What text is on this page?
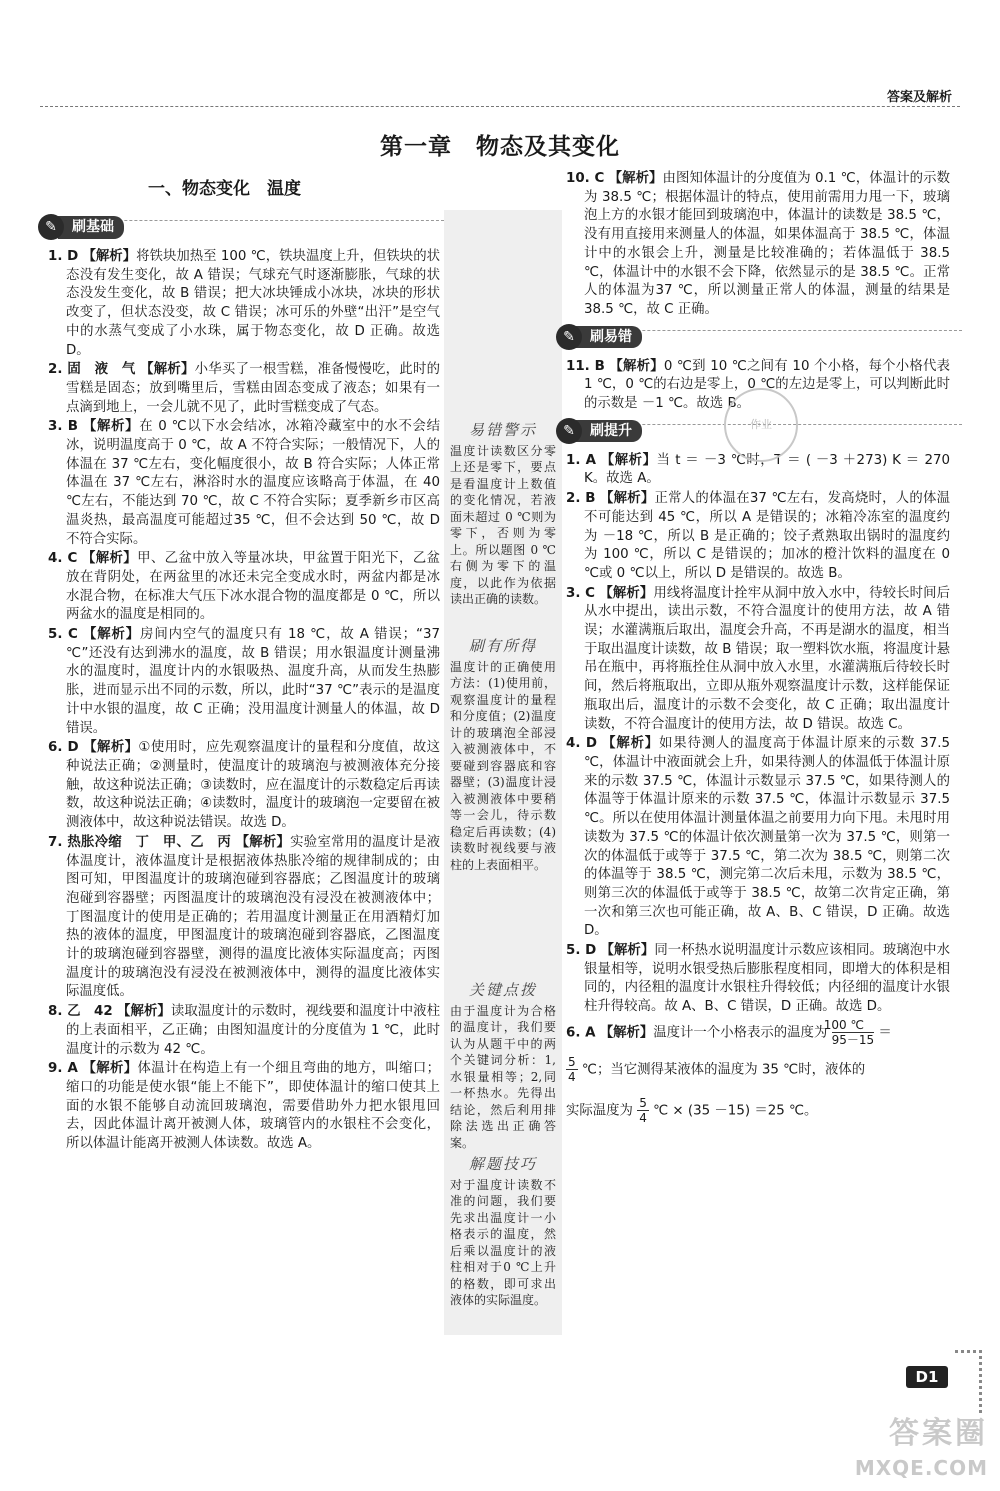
答案及解析
第一章　物态及其变化
一、物态变化　温度
刷基础
✎
1. D 【解析】将铁块加热至 100 ℃，铁块温度上升，但铁块的状态没有发生变化，故 A 错误；气球充气时逐渐膨胀，气球的状态没发生变化，故 B 错误；把大冰块锤成小冰块，冰块的形状改变了，但状态没变，故 C 错误；冰可乐的外壁“出汗”是空气中的水蒸气变成了小水珠，属于物态变化，故 D 正确。故选 D。
2. 固　液　气 【解析】小华买了一根雪糕，准备慢慢吃，此时的雪糕是固态；放到嘴里后，雪糕由固态变成了液态；如果有一点滴到地上，一会儿就不见了，此时雪糕变成了气态。
3. B 【解析】在 0 ℃以下水会结冰，冰箱冷藏室中的水不会结冰，说明温度高于 0 ℃，故 A 不符合实际；一般情况下，人的体温在 37 ℃左右，变化幅度很小，故 B 符合实际；人体正常体温在 37 ℃左右，淋浴时水的温度应该略高于体温，在 40 ℃左右，不能达到 70 ℃，故 C 不符合实际；夏季新乡市区高温炎热，最高温度可能超过35 ℃，但不会达到 50 ℃，故 D 不符合实际。
4. C 【解析】甲、乙盆中放入等量冰块，甲盆置于阳光下，乙盆放在背阴处，在两盆里的冰还未完全变成水时，两盆内都是冰水混合物，在标准大气压下冰水混合物的温度都是 0 ℃，所以两盆水的温度是相同的。
5. C 【解析】房间内空气的温度只有 18 ℃，故 A 错误；“37 ℃”还没有达到沸水的温度，故 B 错误；用水银温度计测量沸水的温度时，温度计内的水银吸热、温度升高，从而发生热膨胀，进而显示出不同的示数，所以，此时“37 ℃”表示的是温度计中水银的温度，故 C 正确；没用温度计测量人的体温，故 D 错误。
6. D 【解析】①使用时，应先观察温度计的量程和分度值，故这种说法正确；②测量时，使温度计的玻璃泡与被测液体充分接触，故这种说法正确；③读数时，应在温度计的示数稳定后再读数，故这种说法正确；④读数时，温度计的玻璃泡一定要留在被测液体中，故这种说法错误。故选 D。
7. 热胀冷缩　丁　甲、乙　丙 【解析】实验室常用的温度计是液体温度计，液体温度计是根据液体热胀冷缩的规律制成的；由图可知，甲图温度计的玻璃泡碰到容器底；乙图温度计的玻璃泡碰到容器壁；丙图温度计的玻璃泡没有浸没在被测液体中；丁图温度计的使用是正确的；若用温度计测量正在用酒精灯加热的液体的温度，甲图温度计的玻璃泡碰到容器底，乙图温度计的玻璃泡碰到容器壁，测得的温度比液体实际温度高；丙图温度计的玻璃泡没有浸没在被测液体中，测得的温度比液体实际温度低。
8. 乙　42 【解析】读取温度计的示数时，视线要和温度计中液柱的上表面相平，乙正确；由图知温度计的分度值为 1 ℃，此时温度计的示数为 42 ℃。
9. A 【解析】体温计在构造上有一个细且弯曲的地方，叫缩口；缩口的功能是使水银“能上不能下”，即使体温计的缩口使其上面的水银不能够自动流回玻璃泡，需要借助外力把水银甩回去，因此体温计离开被测人体，玻璃管内的水银柱不会变化，所以体温计能离开被测人体读数。故选 A。
易错警示
温度计读数区分零上还是零下，要点是看温度计上数值的变化情况，若液面未超过 0 ℃则为零下，否则为零上。所以题图 0 ℃右侧为零下的温度，以此作为依据读出正确的读数。
刷有所得
温度计的正确使用方法：(1)使用前，观察温度计的量程和分度值；(2)温度计的玻璃泡全部浸入被测液体中，不要碰到容器底和容器壁；(3)温度计浸入被测液体中要稍等一会儿，待示数稳定后再读数；(4)读数时视线要与液柱的上表面相平。
关键点拨
由于温度计为合格的温度计，我们要认为从题干中的两个关键词分析：1,水银量相等；2,同一杯热水。先得出结论，然后利用排除法选出正确答案。
解题技巧
对于温度计读数不准的问题，我们要先求出温度计一小格表示的温度，然后乘以温度计的液柱相对于0 ℃上升的格数，即可求出液体的实际温度。
10. C 【解析】由图知体温计的分度值为 0.1 ℃，体温计的示数为 38.5 ℃；根据体温计的特点，使用前需用力甩一下，玻璃泡上方的水银才能回到玻璃泡中，体温计的读数是 38.5 ℃，没有用直接用来测量人的体温，如果体温高于 38.5 ℃，体温计中的水银会上升，测量是比较准确的；若体温低于 38.5 ℃，体温计中的水银不会下降，依然显示的是 38.5 ℃。正常人的体温为37 ℃，所以测量正常人的体温，测量的结果是38.5 ℃，故 C 正确。
刷易错
✎
11. B 【解析】0 ℃到 10 ℃之间有 10 个小格，每个小格代表 1 ℃，0 ℃的右边是零上，0 ℃的左边是零上，可以判断此时的示数是 －1 ℃。故选 B。
刷提升
✎
1. A 【解析】当 t ＝ －3 ℃时，T ＝ ( －3 ＋273) K ＝ 270 K。故选 A。
2. B 【解析】正常人的体温在37 ℃左右，发高烧时，人的体温不可能达到 45 ℃，所以 A 是错误的；冰箱冷冻室的温度约为 －18 ℃，所以 B 是正确的；饺子煮熟取出锅时的温度约为 100 ℃，所以 C 是错误的；加冰的橙汁饮料的温度在 0 ℃或 0 ℃以上，所以 D 是错误的。故选 B。
3. C 【解析】用线将温度计拴牢从洞中放入水中，待较长时间后从水中提出，读出示数，不符合温度计的使用方法，故 A 错误；水灌满瓶后取出，温度会升高，不再是湖水的温度，相当于取出温度计读数，故 B 错误；取一塑料饮水瓶，将温度计悬吊在瓶中，再将瓶拴住从洞中放入水里，水灌满瓶后待较长时间，然后将瓶取出，立即从瓶外观察温度计示数，这样能保证瓶取出后，温度计的示数不会变化，故 C 正确；取出温度计读数，不符合温度计的使用方法，故 D 错误。故选 C。
4. D 【解析】如果待测人的温度高于体温计原来的示数 37.5 ℃，体温计中液面就会上升，如果待测人的体温低于体温计原来的示数 37.5 ℃，体温计示数显示 37.5 ℃，如果待测人的体温等于体温计原来的示数 37.5 ℃，体温计示数显示 37.5 ℃。所以在使用体温计测量体温之前要用力向下甩。未甩时用读数为 37.5 ℃的体温计依次测量第一次为 37.5 ℃，则第一次的体温低于或等于 37.5 ℃，第二次为 38.5 ℃，则第二次的体温等于 38.5 ℃，测完第二次后未甩，示数为 38.5 ℃，则第三次的体温低于或等于 38.5 ℃，故第二次肯定正确，第一次和第三次也可能正确，故 A、B、C 错误，D 正确。故选 D。
5. D 【解析】同一杯热水说明温度计示数应该相同。玻璃泡中水银量相等，说明水银受热后膨胀程度相同，即增大的体积是相同的，内径粗的温度计水银柱升得较低；内径细的温度计水银柱升得较高。故 A、B、C 错误，D 正确。故选 D。
6. A 【解析】温度计一个小格表示的温度为 $\frac{100 ℃}{95-15}$ ＝
$\frac{5}{4}$ ℃；当它测得某液体的温度为 35 ℃时，液体的
实际温度为 $\frac{5}{4}$ ℃ × (35 －15) ＝25 ℃。
作业
D1
答案圈
MXQE.COM
